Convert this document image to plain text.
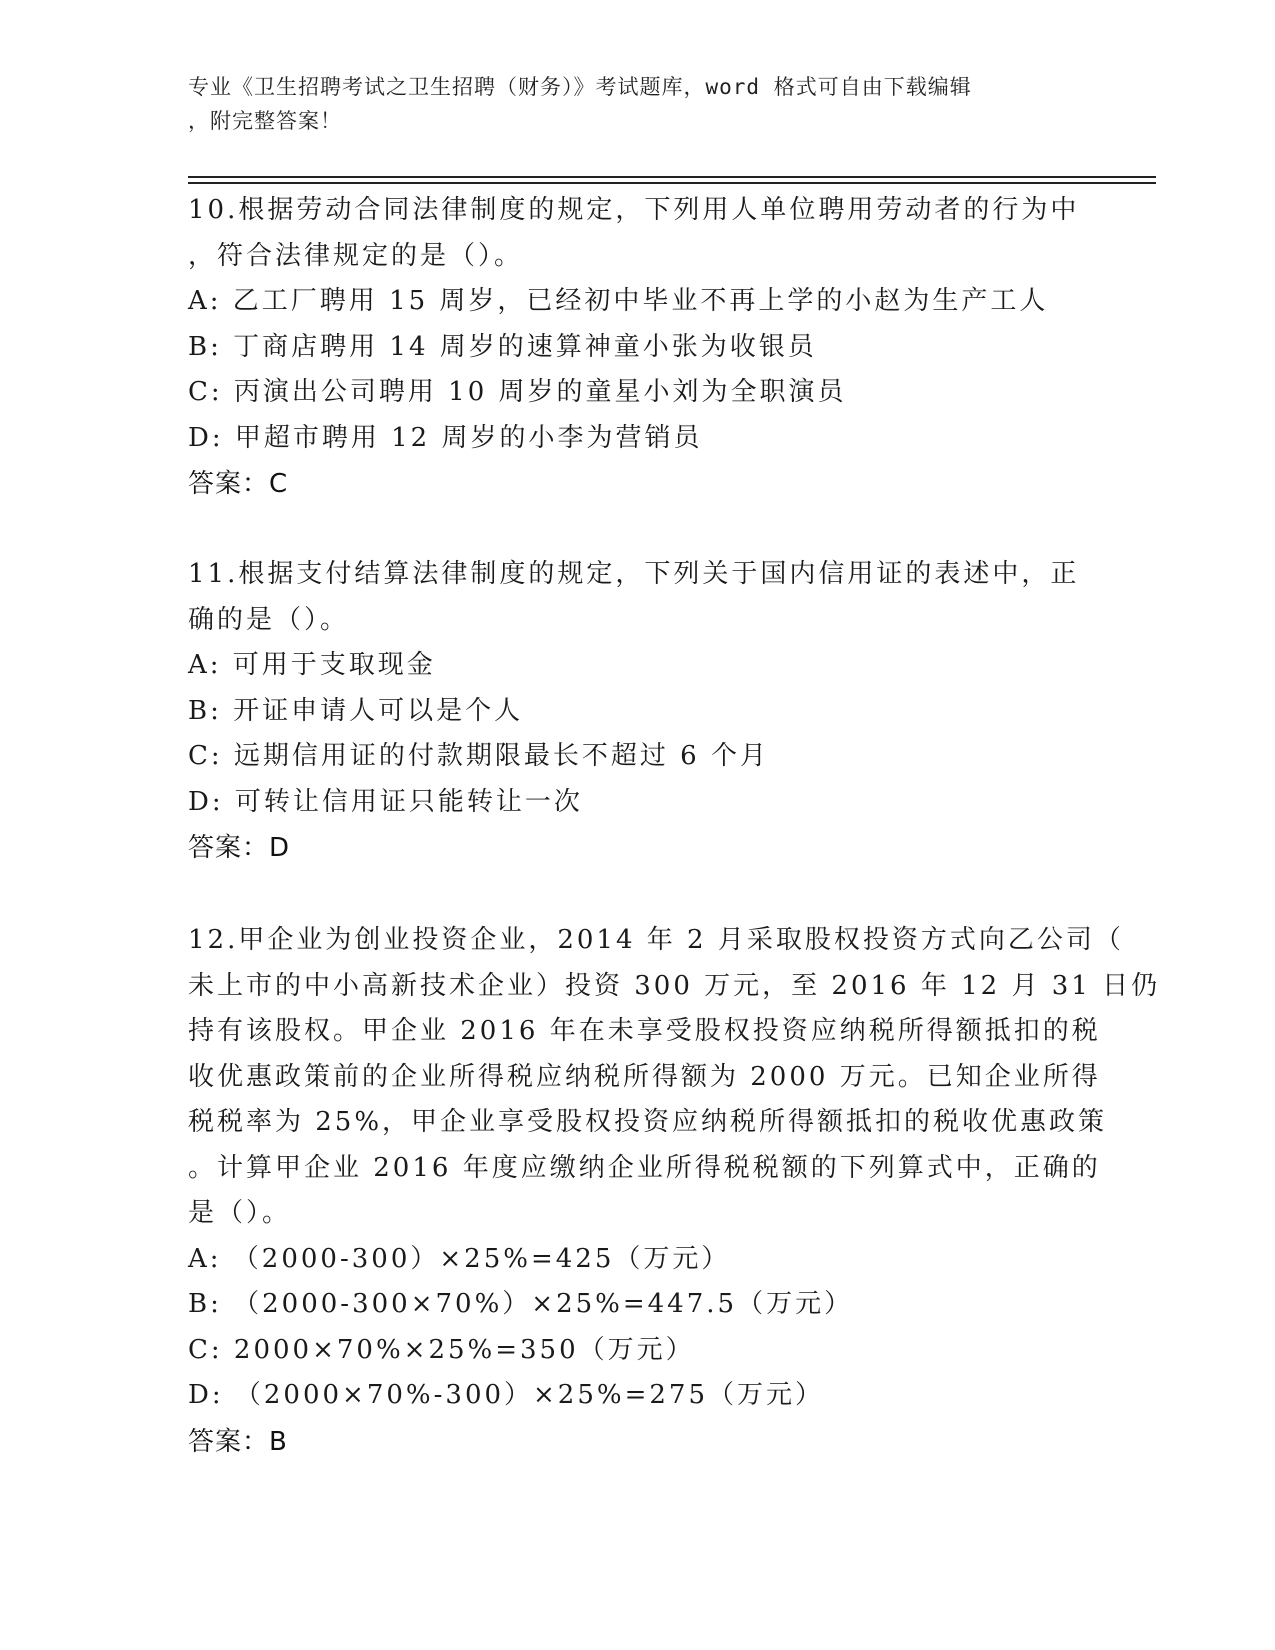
专业《卫生招聘考试之卫生招聘（财务）》考试题库，word 格式可自由下载编辑
，附完整答案！
10.根据劳动合同法律制度的规定，下列用人单位聘用劳动者的行为中
，符合法律规定的是（）。
A: 乙工厂聘用 15 周岁，已经初中毕业不再上学的小赵为生产工人
B: 丁商店聘用 14 周岁的速算神童小张为收银员
C: 丙演出公司聘用 10 周岁的童星小刘为全职演员
D: 甲超市聘用 12 周岁的小李为营销员
答案：C
11.根据支付结算法律制度的规定，下列关于国内信用证的表述中，正
确的是（）。
A: 可用于支取现金
B: 开证申请人可以是个人
C: 远期信用证的付款期限最长不超过 6 个月
D: 可转让信用证只能转让一次
答案：D
12.甲企业为创业投资企业，2014 年 2 月采取股权投资方式向乙公司（
未上市的中小高新技术企业）投资 300 万元，至 2016 年 12 月 31 日仍
持有该股权。甲企业 2016 年在未享受股权投资应纳税所得额抵扣的税
收优惠政策前的企业所得税应纳税所得额为 2000 万元。已知企业所得
税税率为 25%，甲企业享受股权投资应纳税所得额抵扣的税收优惠政策
。计算甲企业 2016 年度应缴纳企业所得税税额的下列算式中，正确的
是（）。
A: （2000-300）×25%=425（万元）
B: （2000-300×70%）×25%=447.5（万元）
C: 2000×70%×25%=350（万元）
D: （2000×70%-300）×25%=275（万元）
答案：B
